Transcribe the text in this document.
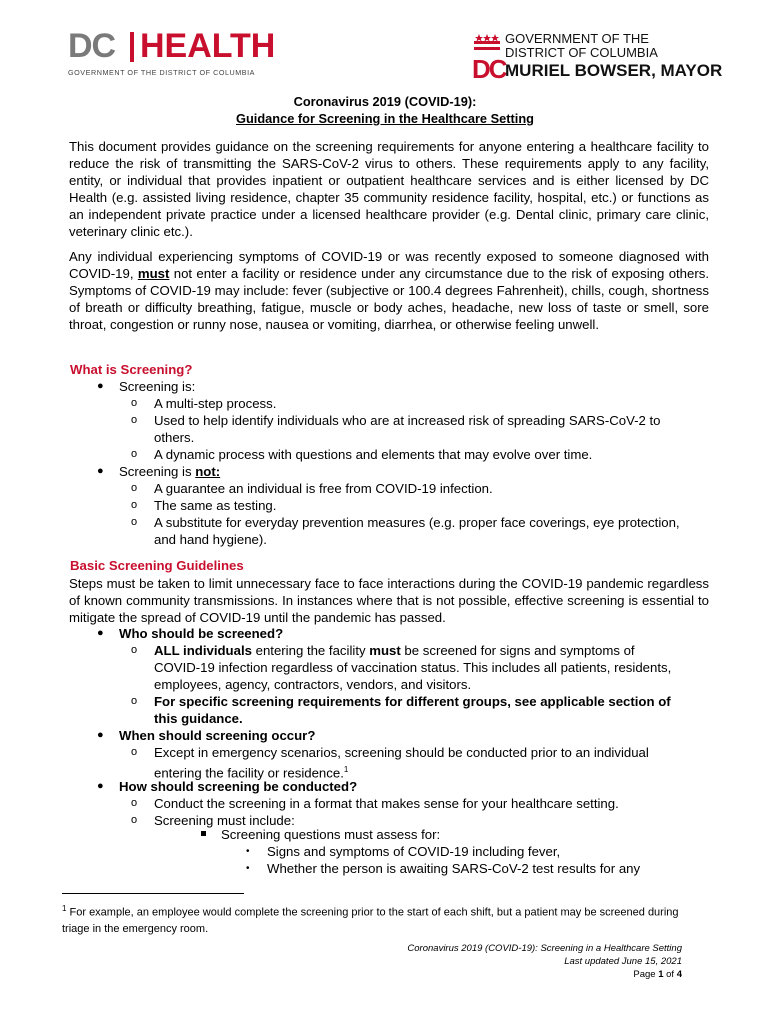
DC HEALTH
GOVERNMENT OF THE DISTRICT OF COLUMBIA	DC
GOVERNMENT OF THE
DISTRICT OF COLUMBIA
MURIEL BOWSER, MAYOR
Coronavirus 2019 (COVID-19):
Guidance for Screening in the Healthcare Setting
This document provides guidance on the screening requirements for anyone entering a healthcare facility to reduce the risk of transmitting the SARS-CoV-2 virus to others. These requirements apply to any facility, entity, or individual that provides inpatient or outpatient healthcare services and is either licensed by DC Health (e.g. assisted living residence, chapter 35 community residence facility, hospital, etc.) or functions as an independent private practice under a licensed healthcare provider (e.g. Dental clinic, primary care clinic, veterinary clinic etc.).
Any individual experiencing symptoms of COVID-19 or was recently exposed to someone diagnosed with COVID-19, must not enter a facility or residence under any circumstance due to the risk of exposing others. Symptoms of COVID-19 may include: fever (subjective or 100.4 degrees Fahrenheit), chills, cough, shortness of breath or difficulty breathing, fatigue, muscle or body aches, headache, new loss of taste or smell, sore throat, congestion or runny nose, nausea or vomiting, diarrhea, or otherwise feeling unwell.
What is Screening?
● Screening is:
o A multi-step process.
o Used to help identify individuals who are at increased risk of spreading SARS-CoV-2 to
others.
o A dynamic process with questions and elements that may evolve over time.
● Screening is not:
o A guarantee an individual is free from COVID-19 infection.
o The same as testing.
o A substitute for everyday prevention measures (e.g. proper face coverings, eye protection,
and hand hygiene).
Basic Screening Guidelines
Steps must be taken to limit unnecessary face to face interactions during the COVID-19 pandemic regardless of known community transmissions. In instances where that is not possible, effective screening is essential to mitigate the spread of COVID-19 until the pandemic has passed.
● Who should be screened?
o ALL individuals entering the facility must be screened for signs and symptoms of
COVID-19 infection regardless of vaccination status. This includes all patients, residents,
employees, agency, contractors, vendors, and visitors.
o For specific screening requirements for different groups, see applicable section of
this guidance.
● When should screening occur?
o Except in emergency scenarios, screening should be conducted prior to an individual
entering the facility or residence.$^1$
● How should screening be conducted?
o Conduct the screening in a format that makes sense for your healthcare setting.
o Screening must include:
Screening questions must assess for:
• Signs and symptoms of COVID-19 including fever,
• Whether the person is awaiting SARS-CoV-2 test results for any
$^1$ For example, an employee would complete the screening prior to the start of each shift, but a patient may be screened during triage in the emergency room.
Coronavirus 2019 (COVID-19): Screening in a Healthcare Setting
Last updated June 15, 2021
Page 1 of 4
